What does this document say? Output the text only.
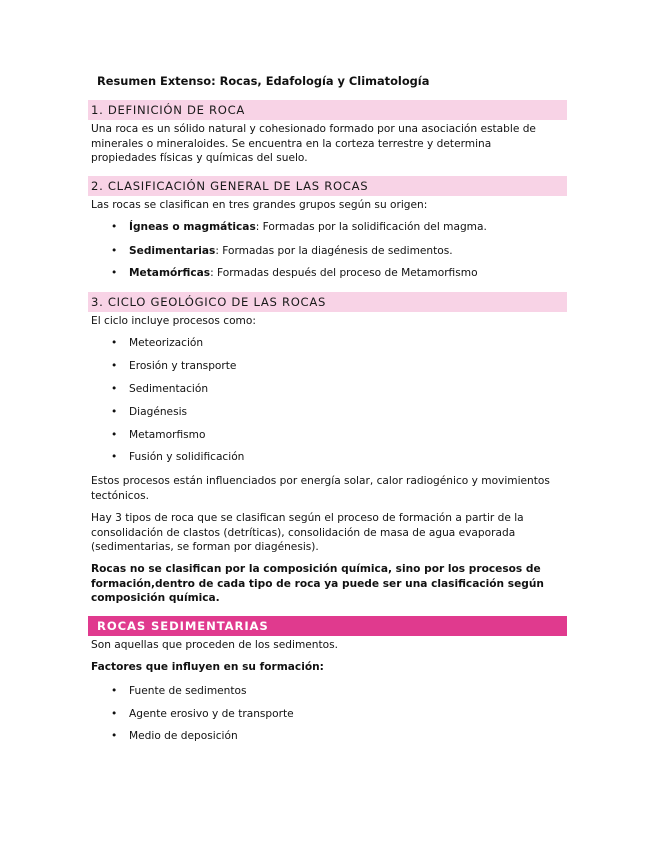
Resumen Extenso: Rocas, Edafología y Climatología
1. DEFINICIÓN DE ROCA
Una roca es un sólido natural y cohesionado formado por una asociación estable de
minerales o mineraloides. Se encuentra en la corteza terrestre y determina
propiedades físicas y químicas del suelo.
2. CLASIFICACIÓN GENERAL DE LAS ROCAS
Las rocas se clasifican en tres grandes grupos según su origen:
• Ígneas o magmáticas: Formadas por la solidificación del magma.
• Sedimentarias: Formadas por la diagénesis de sedimentos.
• Metamórficas: Formadas después del proceso de Metamorfismo
3. CICLO GEOLÓGICO DE LAS ROCAS
El ciclo incluye procesos como:
• Meteorización
• Erosión y transporte
• Sedimentación
• Diagénesis
• Metamorfismo
• Fusión y solidificación
Estos procesos están influenciados por energía solar, calor radiogénico y movimientos
tectónicos.
Hay 3 tipos de roca que se clasifican según el proceso de formación a partir de la
consolidación de clastos (detríticas), consolidación de masa de agua evaporada
(sedimentarias, se forman por diagénesis).
Rocas no se clasifican por la composición química, sino por los procesos de
formación,dentro de cada tipo de roca ya puede ser una clasificación según
composición química.
ROCAS SEDIMENTARIAS
Son aquellas que proceden de los sedimentos.
Factores que influyen en su formación:
• Fuente de sedimentos
• Agente erosivo y de transporte
• Medio de deposición
